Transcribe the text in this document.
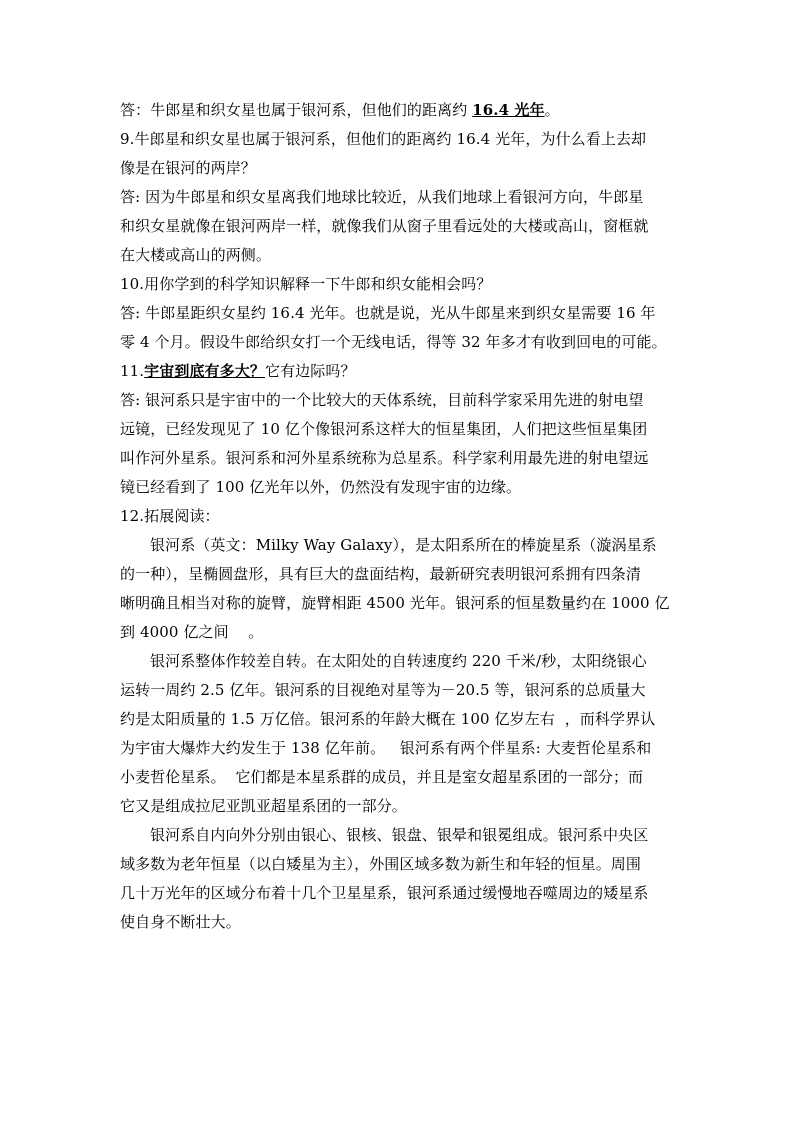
答：牛郎星和织女星也属于银河系，但他们的距离约 16.4 光年。
9.牛郎星和织女星也属于银河系，但他们的距离约 16.4 光年，为什么看上去却
像是在银河的两岸？
答: 因为牛郎星和织女星离我们地球比较近，从我们地球上看银河方向，牛郎星
和织女星就像在银河两岸一样，就像我们从窗子里看远处的大楼或高山，窗框就
在大楼或高山的两侧。
10.用你学到的科学知识解释一下牛郎和织女能相会吗？
答: 牛郎星距织女星约 16.4 光年。也就是说，光从牛郎星来到织女星需要 16 年
零 4 个月。假设牛郎给织女打一个无线电话，得等 32 年多才有收到回电的可能。
11.宇宙到底有多大？它有边际吗？
答: 银河系只是宇宙中的一个比较大的天体系统，目前科学家采用先进的射电望
远镜，已经发现见了 10 亿个像银河系这样大的恒星集团，人们把这些恒星集团
叫作河外星系。银河系和河外星系统称为总星系。科学家利用最先进的射电望远
镜已经看到了 100 亿光年以外，仍然没有发现宇宙的边缘。
12.拓展阅读：
银河系（英文：Milky Way Galaxy），是太阳系所在的棒旋星系（漩涡星系
的一种），呈椭圆盘形，具有巨大的盘面结构，最新研究表明银河系拥有四条清
晰明确且相当对称的旋臂，旋臂相距 4500 光年。银河系的恒星数量约在 1000 亿
到 4000 亿之间    。
银河系整体作较差自转。在太阳处的自转速度约 220 千米/秒，太阳绕银心
运转一周约 2.5 亿年。银河系的目视绝对星等为－20.5 等，银河系的总质量大
约是太阳质量的 1.5 万亿倍。银河系的年龄大概在 100 亿岁左右  ，而科学界认
为宇宙大爆炸大约发生于 138 亿年前。   银河系有两个伴星系: 大麦哲伦星系和
小麦哲伦星系。  它们都是本星系群的成员，并且是室女超星系团的一部分；而
它又是组成拉尼亚凯亚超星系团的一部分。
银河系自内向外分别由银心、银核、银盘、银晕和银冕组成。银河系中央区
域多数为老年恒星（以白矮星为主），外围区域多数为新生和年轻的恒星。周围
几十万光年的区域分布着十几个卫星星系，银河系通过缓慢地吞噬周边的矮星系
使自身不断壮大。
